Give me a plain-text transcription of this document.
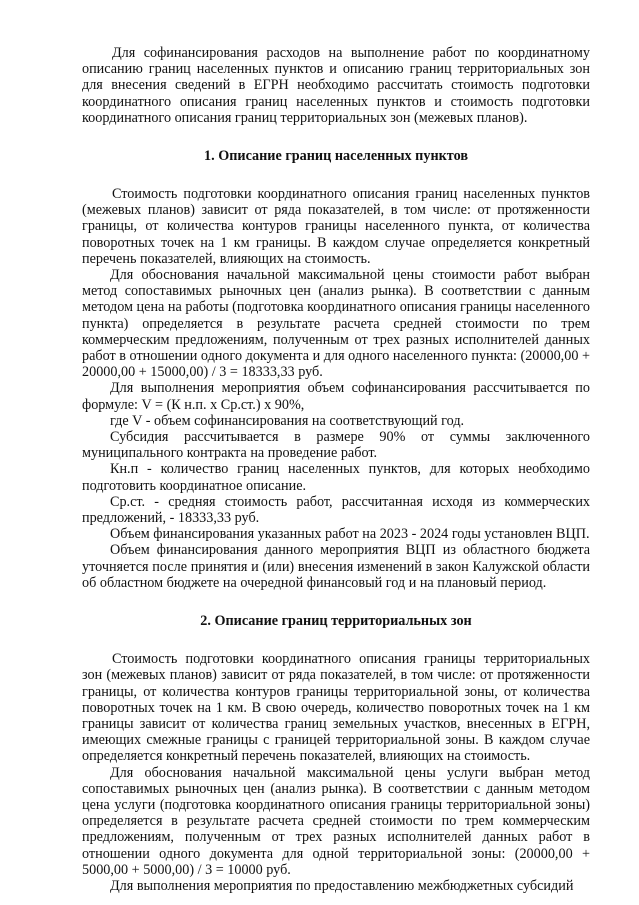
Для софинансирования расходов на выполнение работ по координатному описанию границ населенных пунктов и описанию границ территориальных зон для внесения сведений в ЕГРН необходимо рассчитать стоимость подготовки координатного описания границ населенных пунктов и стоимость подготовки координатного описания границ территориальных зон (межевых планов).

1. Описание границ населенных пунктов

Стоимость подготовки координатного описания границ населенных пунктов (межевых планов) зависит от ряда показателей, в том числе: от протяженности границы, от количества контуров границы населенного пункта, от количества поворотных точек на 1 км границы. В каждом случае определяется конкретный перечень показателей, влияющих на стоимость.

Для обоснования начальной максимальной цены стоимости работ выбран метод сопоставимых рыночных цен (анализ рынка). В соответствии с данным методом цена на работы (подготовка координатного описания границы населенного пункта) определяется в результате расчета средней стоимости по трем коммерческим предложениям, полученным от трех разных исполнителей данных работ в отношении одного документа и для одного населенного пункта: (20000,00 + 20000,00 + 15000,00) / 3 = 18333,33 руб.

Для выполнения мероприятия объем софинансирования рассчитывается по формуле: V = (К н.п. х Ср.ст.) х 90%,

где V - объем софинансирования на соответствующий год.

Субсидия рассчитывается в размере 90% от суммы заключенного муниципального контракта на проведение работ.

Кн.п - количество границ населенных пунктов, для которых необходимо подготовить координатное описание.

Ср.ст. - средняя стоимость работ, рассчитанная исходя из коммерческих предложений, - 18333,33 руб.

Объем финансирования указанных работ на 2023 - 2024 годы установлен ВЦП.

Объем финансирования данного мероприятия ВЦП из областного бюджета уточняется после принятия и (или) внесения изменений в закон Калужской области об областном бюджете на очередной финансовый год и на плановый период.

2. Описание границ территориальных зон

Стоимость подготовки координатного описания границы территориальных зон (межевых планов) зависит от ряда показателей, в том числе: от протяженности границы, от количества контуров границы территориальной зоны, от количества поворотных точек на 1 км. В свою очередь, количество поворотных точек на 1 км границы зависит от количества границ земельных участков, внесенных в ЕГРН, имеющих смежные границы с границей территориальной зоны. В каждом случае определяется конкретный перечень показателей, влияющих на стоимость.

Для обоснования начальной максимальной цены услуги выбран метод сопоставимых рыночных цен (анализ рынка). В соответствии с данным методом цена услуги (подготовка координатного описания границы территориальной зоны) определяется в результате расчета средней стоимости по трем коммерческим предложениям, полученным от трех разных исполнителей данных работ в отношении одного документа для одной территориальной зоны: (20000,00 + 5000,00 + 5000,00) / 3 = 10000 руб.

Для выполнения мероприятия по предоставлению межбюджетных субсидий
